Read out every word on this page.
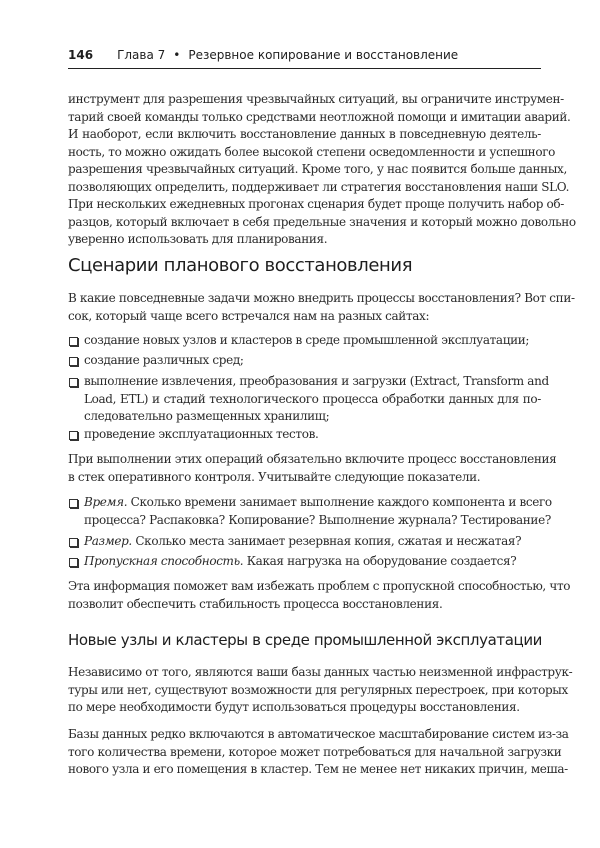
146 Глава 7 • Резервное копирование и восстановление
инструмент для разрешения чрезвычайных ситуаций, вы ограничите инструмен-
тарий своей команды только средствами неотложной помощи и имитации аварий.
И наоборот, если включить восстановление данных в повседневную деятель-
ность, то можно ожидать более высокой степени осведомленности и успешного
разрешения чрезвычайных ситуаций. Кроме того, у нас появится больше данных,
позволяющих определить, поддерживает ли стратегия восстановления наши SLO.
При нескольких ежедневных прогонах сценария будет проще получить набор об-
разцов, который включает в себя предельные значения и который можно довольно
уверенно использовать для планирования.
Сценарии планового восстановления
В какие повседневные задачи можно внедрить процессы восстановления? Вот спи-
сок, который чаще всего встречался нам на разных сайтах:
создание новых узлов и кластеров в среде промышленной эксплуатации;
создание различных сред;
выполнение извлечения, преобразования и загрузки (Extract, Transform and
Load, ETL) и стадий технологического процесса обработки данных для по-
следовательно размещенных хранилищ;
проведение эксплуатационных тестов.
При выполнении этих операций обязательно включите процесс восстановления
в стек оперативного контроля. Учитывайте следующие показатели.
Время. Сколько времени занимает выполнение каждого компонента и всего
процесса? Распаковка? Копирование? Выполнение журнала? Тестирование?
Размер. Сколько места занимает резервная копия, сжатая и несжатая?
Пропускная способность. Какая нагрузка на оборудование создается?
Эта информация поможет вам избежать проблем с пропускной способностью, что
позволит обеспечить стабильность процесса восстановления.
Новые узлы и кластеры в среде промышленной эксплуатации
Независимо от того, являются ваши базы данных частью неизменной инфраструк-
туры или нет, существуют возможности для регулярных перестроек, при которых
по мере необходимости будут использоваться процедуры восстановления.
Базы данных редко включаются в автоматическое масштабирование систем из-за
того количества времени, которое может потребоваться для начальной загрузки
нового узла и его помещения в кластер. Тем не менее нет никаких причин, меша-
